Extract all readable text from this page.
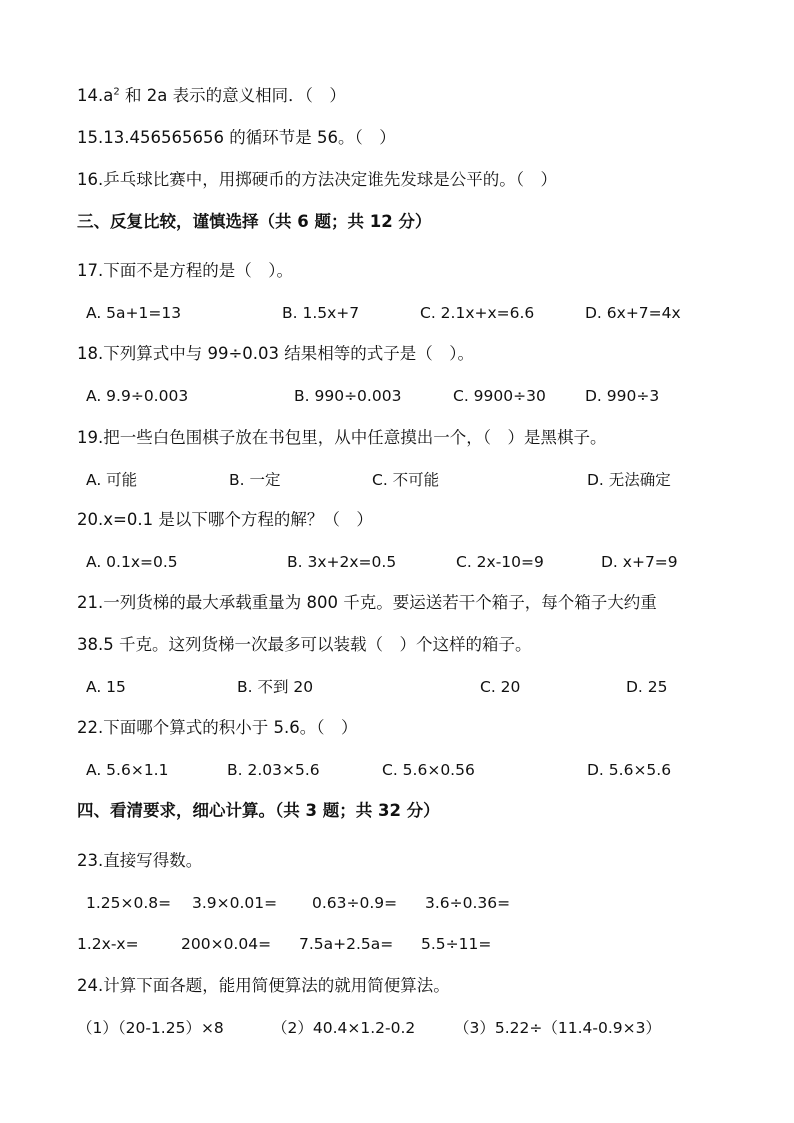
$14.a^2$ 和 2a 表示的意义相同．（　）
15.13.456565656 的循环节是 56。（　）
16.乒乓球比赛中，用掷硬币的方法决定谁先发球是公平的。（　）
三、反复比较，谨慎选择（共 6 题；共 12 分）
17.下面不是方程的是（　）。
A. 5a+1=13	B. 1.5x+7	C. 2.1x+x=6.6	D. 6x+7=4x
18.下列算式中与 99÷0.03 结果相等的式子是（　）。
A. 9.9÷0.003	B. 990÷0.003	C. 9900÷30	D. 990÷3
19.把一些白色围棋子放在书包里，从中任意摸出一个，（　）是黑棋子。
A. 可能	B. 一定	C. 不可能	D. 无法确定
20.x=0.1 是以下哪个方程的解？（　）
A. 0.1x=0.5	B. 3x+2x=0.5	C. 2x-10=9	D. x+7=9
21.一列货梯的最大承载重量为 800 千克。要运送若干个箱子，每个箱子大约重
38.5 千克。这列货梯一次最多可以装载（　）个这样的箱子。
A. 15	B. 不到 20	C. 20	D. 25
22.下面哪个算式的积小于 5.6。（　）
A. 5.6×1.1	B. 2.03×5.6	C. 5.6×0.56	D. 5.6×5.6
四、看清要求，细心计算。（共 3 题；共 32 分）
23.直接写得数。
1.25×0.8= 3.9×0.01= 0.63÷0.9= 3.6÷0.36=
1.2x-x=	200×0.04= 7.5a+2.5a= 5.5÷11=
24.计算下面各题，能用简便算法的就用简便算法。
（1）（20-1.25）×8	（2）40.4×1.2-0.2 （3）5.22÷（11.4-0.9×3）
